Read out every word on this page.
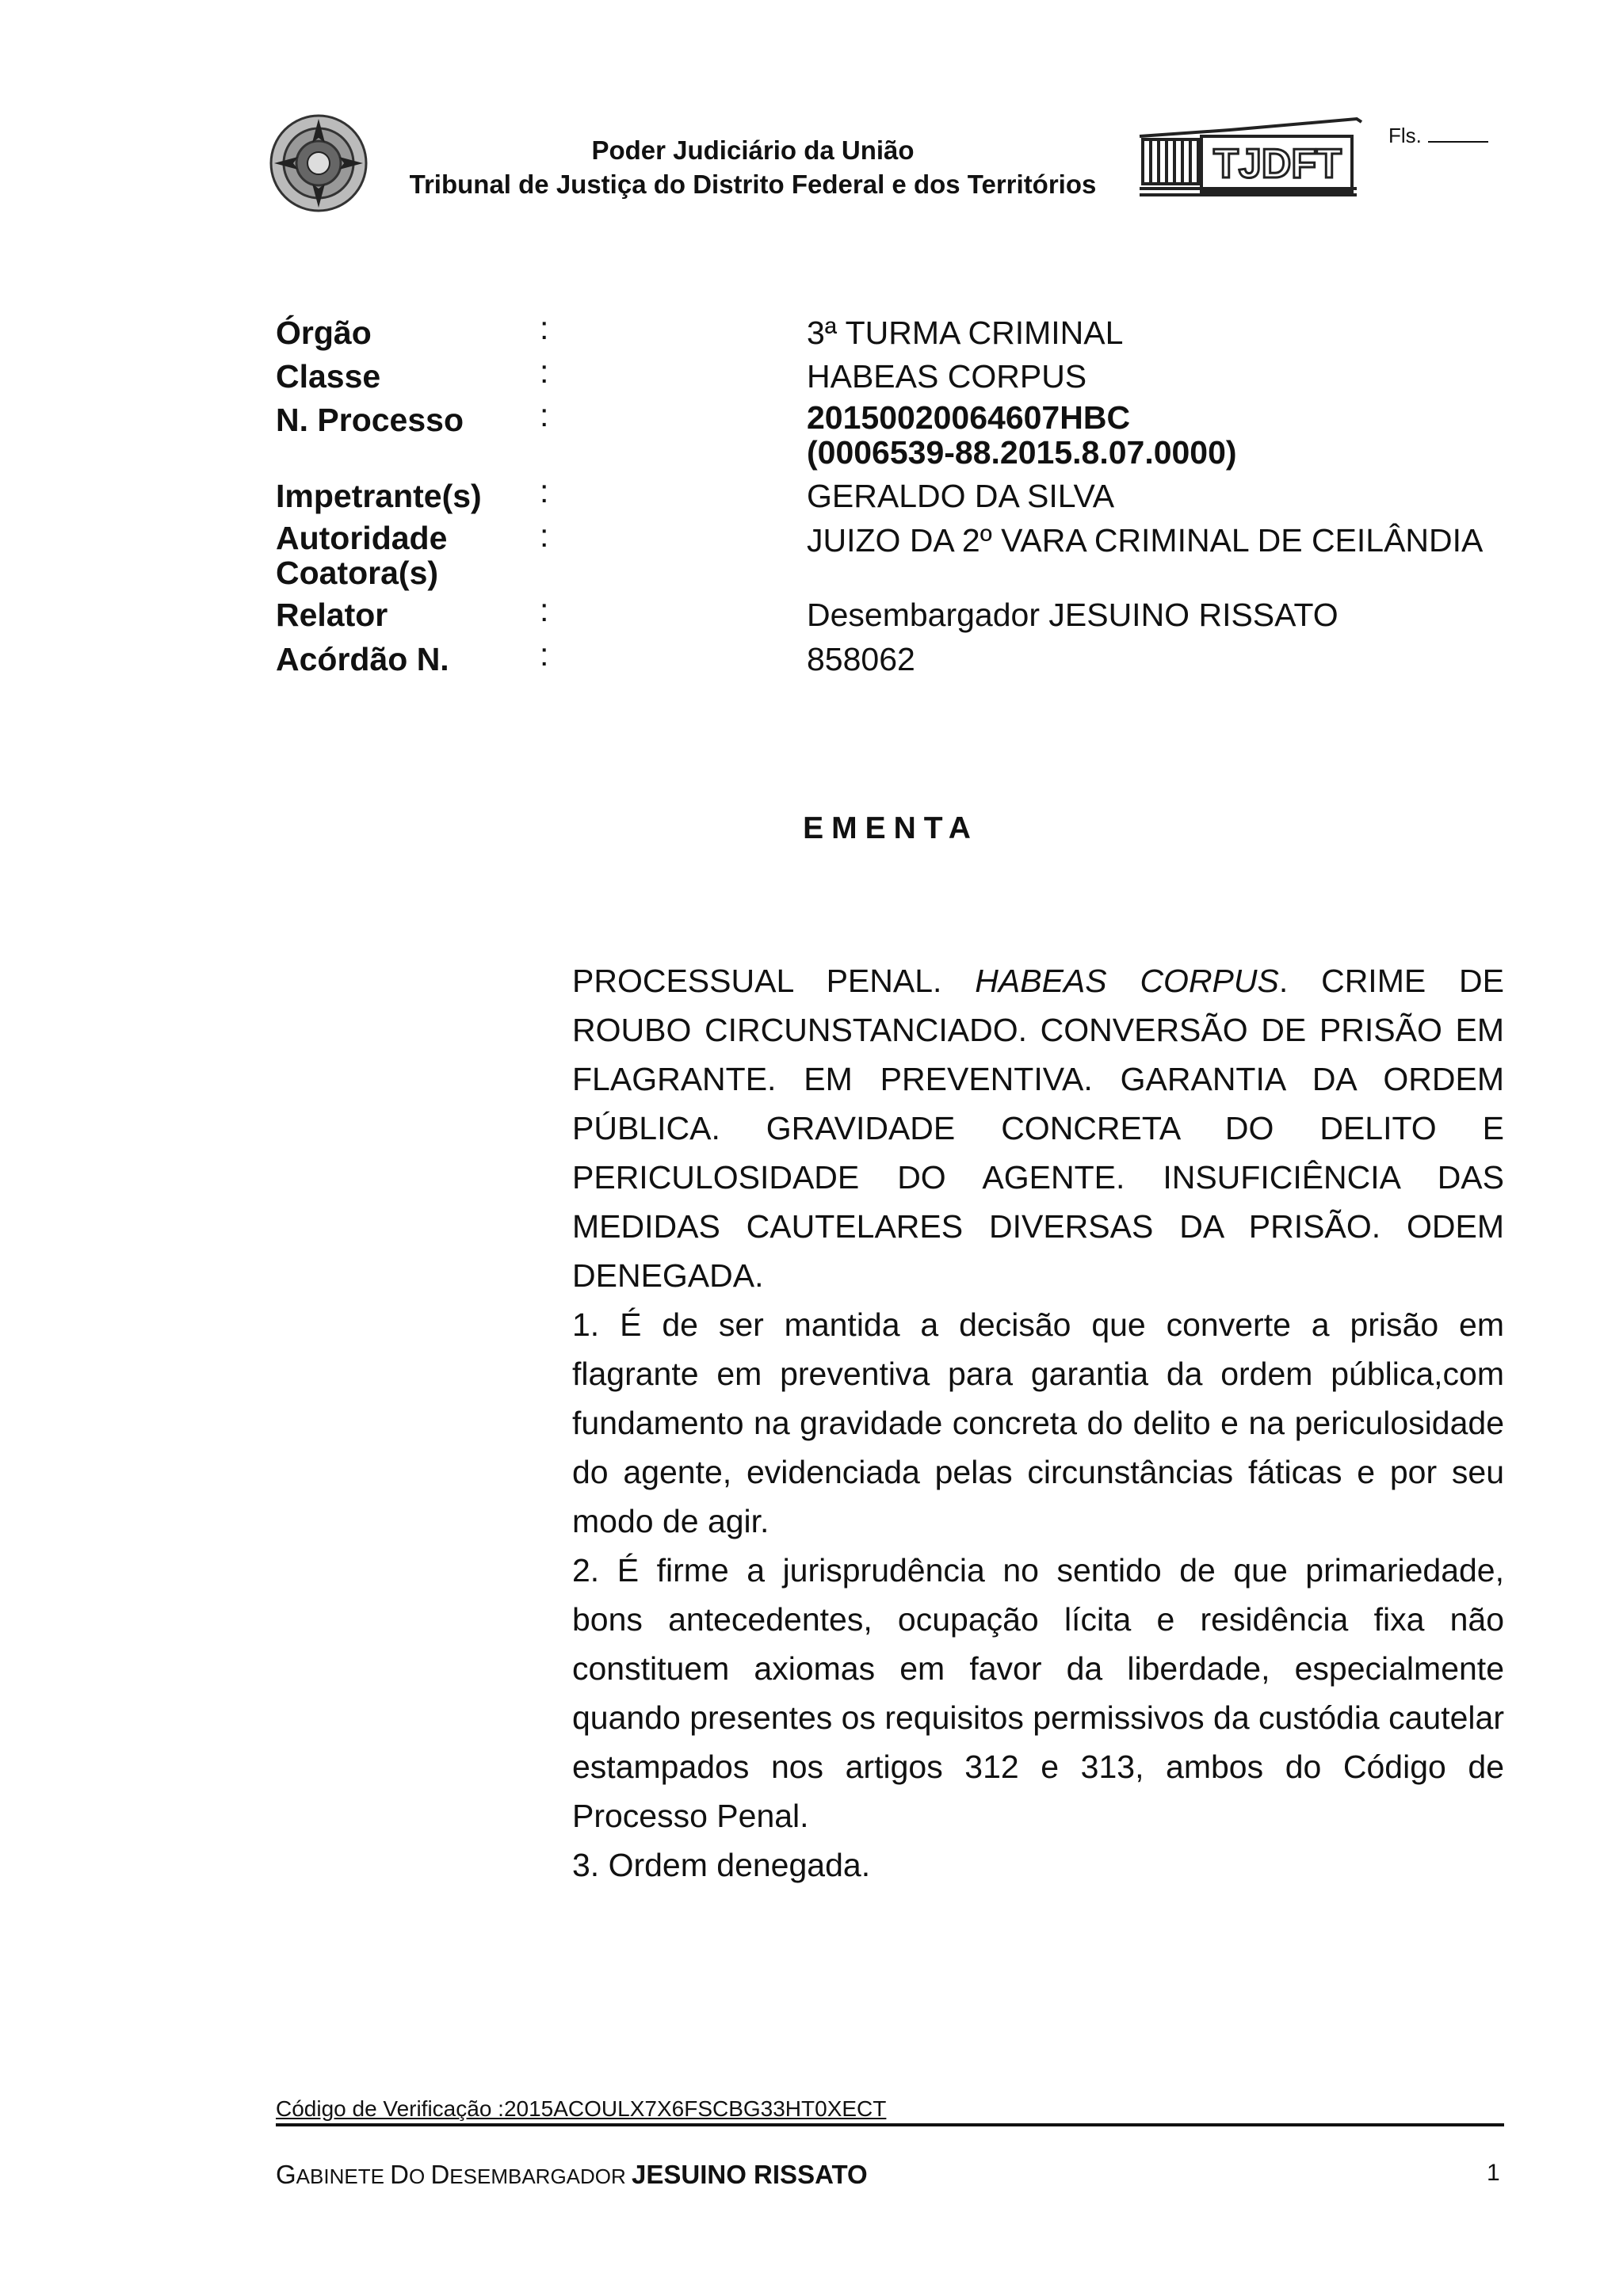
Poder Judiciário da União
Tribunal de Justiça do Distrito Federal e dos Territórios	TJDFT
Fls.
Órgão	:	3ª TURMA CRIMINAL
Classe	:	HABEAS CORPUS
N. Processo	:	20150020064607HBC
(0006539-88.2015.8.07.0000)
Impetrante(s)	:	GERALDO DA SILVA
Autoridade
Coatora(s)
:	JUIZO DA 2º VARA CRIMINAL DE CEILÂNDIA
Relator	:	Desembargador JESUINO RISSATO
Acórdão N.	:	858062
EMENTA

PROCESSUAL PENAL. HABEAS CORPUS. CRIME DE ROUBO CIRCUNSTANCIADO. CONVERSÃO DE PRISÃO EM FLAGRANTE. EM PREVENTIVA. GARANTIA DA ORDEM PÚBLICA. GRAVIDADE CONCRETA DO DELITO E PERICULOSIDADE DO AGENTE. INSUFICIÊNCIA DAS MEDIDAS CAUTELARES DIVERSAS DA PRISÃO. ODEM DENEGADA.

1. É de ser mantida a decisão que converte a prisão em flagrante em preventiva para garantia da ordem pública,com fundamento na gravidade concreta do delito e na periculosidade do agente, evidenciada pelas circunstâncias fáticas e por seu modo de agir.

2. É firme a jurisprudência no sentido de que primariedade, bons antecedentes, ocupação lícita e residência fixa não constituem axiomas em favor da liberdade, especialmente quando presentes os requisitos permissivos da custódia cautelar estampados nos artigos 312 e 313, ambos do Código de Processo Penal.

3. Ordem denegada.

Código de Verificação :2015ACOULX7X6FSCBG33HT0XECT
GABINETE DO DESEMBARGADOR JESUINO RISSATO	1
